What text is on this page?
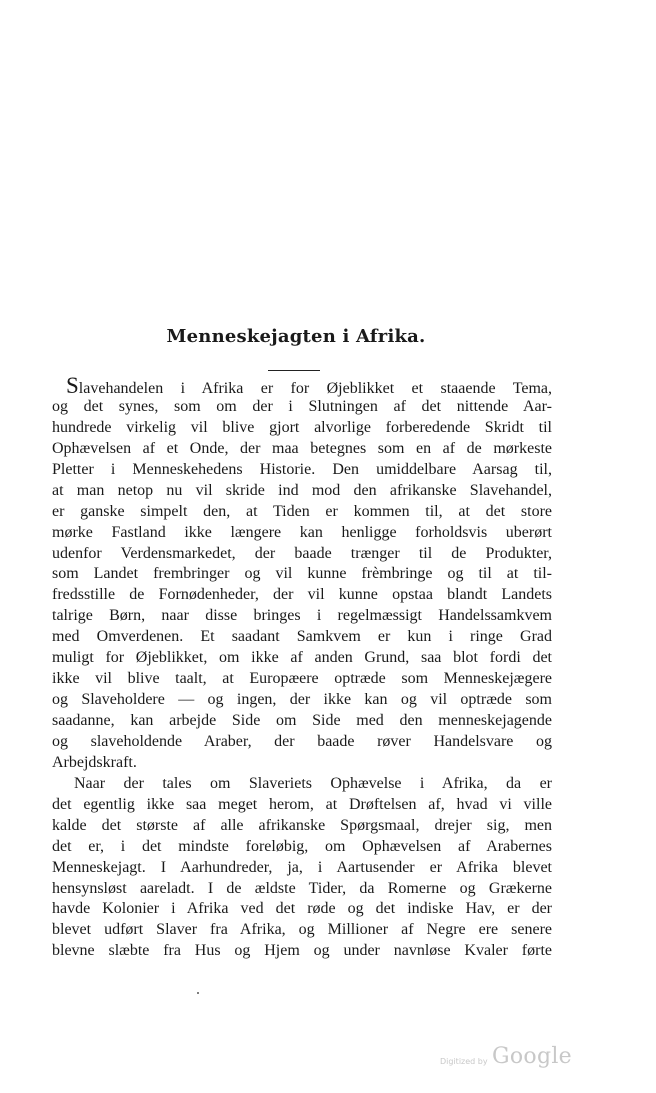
Menneskejagten i Afrika.
Slavehandelen i Afrika er for Øjeblikket et staaende Tema,
og det synes, som om der i Slutningen af det nittende Aar-
hundrede virkelig vil blive gjort alvorlige forberedende Skridt til
Ophævelsen af et Onde, der maa betegnes som en af de mørkeste
Pletter i Menneskehedens Historie. Den umiddelbare Aarsag til,
at man netop nu vil skride ind mod den afrikanske Slavehandel,
er ganske simpelt den, at Tiden er kommen til, at det store
mørke Fastland ikke længere kan henligge forholdsvis uberørt
udenfor Verdensmarkedet, der baade trænger til de Produkter,
som Landet frembringer og vil kunne frèmbringe og til at til-
fredsstille de Fornødenheder, der vil kunne opstaa blandt Landets
talrige Børn, naar disse bringes i regelmæssigt Handelssamkvem
med Omverdenen. Et saadant Samkvem er kun i ringe Grad
muligt for Øjeblikket, om ikke af anden Grund, saa blot fordi det
ikke vil blive taalt, at Europæere optræde som Menneskejægere
og Slaveholdere — og ingen, der ikke kan og vil optræde som
saadanne, kan arbejde Side om Side med den menneskejagende
og slaveholdende Araber, der baade røver Handelsvare og
Arbejdskraft.
Naar der tales om Slaveriets Ophævelse i Afrika, da er
det egentlig ikke saa meget herom, at Drøftelsen af, hvad vi ville
kalde det største af alle afrikanske Spørgsmaal, drejer sig, men
det er, i det mindste foreløbig, om Ophævelsen af Arabernes
Menneskejagt. I Aarhundreder, ja, i Aartusender er Afrika blevet
hensynsløst aareladt. I de ældste Tider, da Romerne og Grækerne
havde Kolonier i Afrika ved det røde og det indiske Hav, er der
blevet udført Slaver fra Afrika, og Millioner af Negre ere senere
blevne slæbte fra Hus og Hjem og under navnløse Kvaler førte
Digitized by Google
